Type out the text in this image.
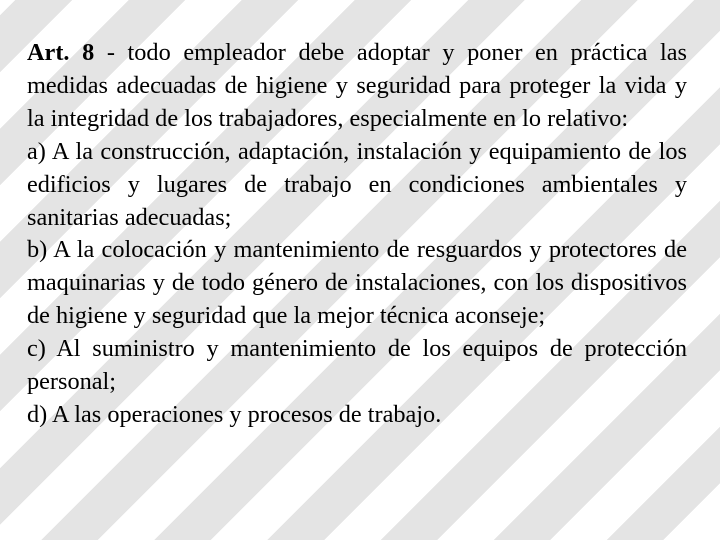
Art. 8 - todo empleador debe adoptar y poner en práctica las medidas adecuadas de higiene y seguridad para proteger la vida y la integridad de los trabajadores, especialmente en lo relativo:

a) A la construcción, adaptación, instalación y equipamiento de los edificios y lugares de trabajo en condiciones ambientales y sanitarias adecuadas;

b) A la colocación y mantenimiento de resguardos y protectores de maquinarias y de todo género de instalaciones, con los dispositivos de higiene y seguridad que la mejor técnica aconseje;

c) Al suministro y mantenimiento de los equipos de protección personal;

d) A las operaciones y procesos de trabajo.
